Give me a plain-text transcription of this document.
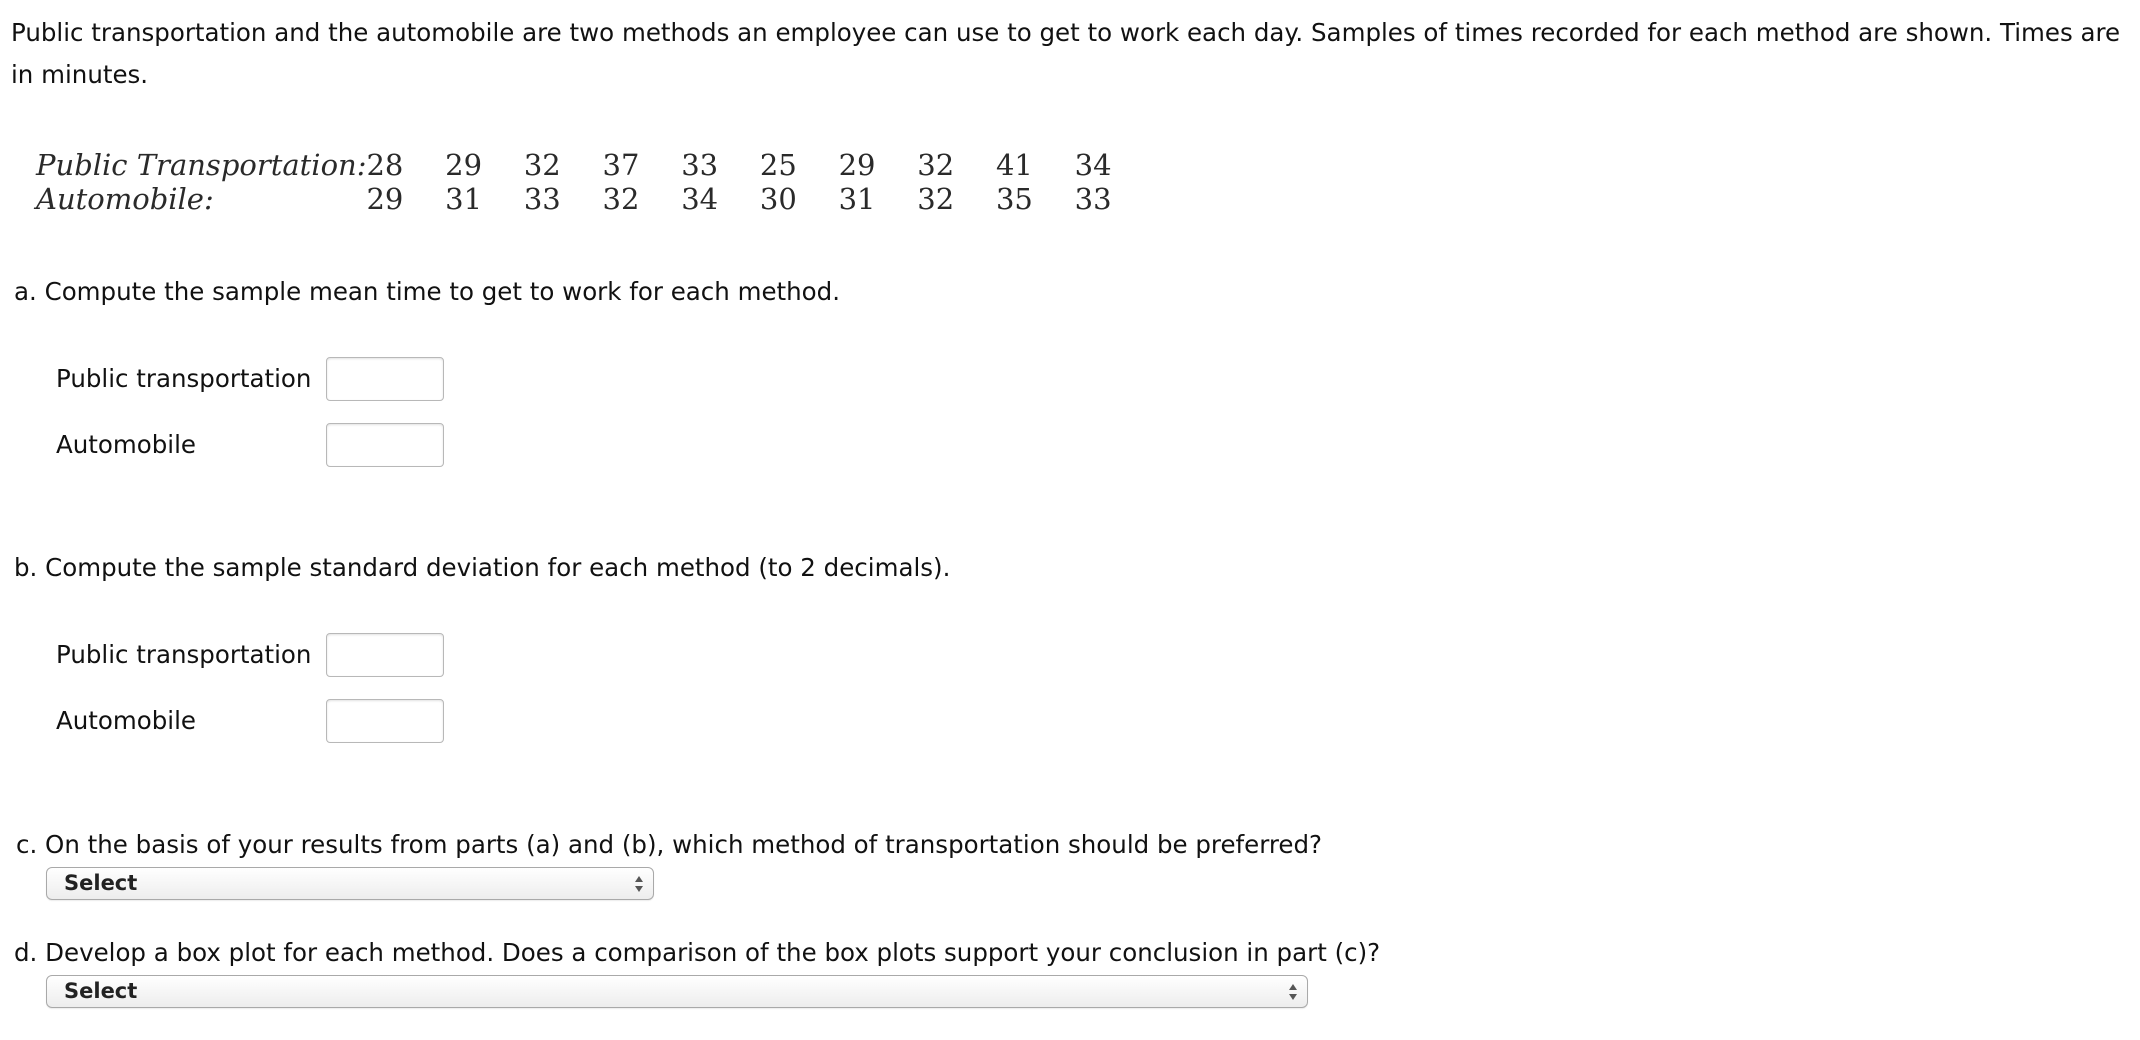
Public transportation and the automobile are two methods an employee can use to get to work each day. Samples of times recorded for each method are shown. Times are in minutes.

Public Transportation:	28	29	32	37	33	25	29	32	41	34
Automobile:	29	31	33	32	34	30	31	32	35	33

a. Compute the sample mean time to get to work for each method.

Public transportation
Automobile

b. Compute the sample standard deviation for each method (to 2 decimals).

Public transportation
Automobile

c. On the basis of your results from parts (a) and (b), which method of transportation should be preferred?

Select

d. Develop a box plot for each method. Does a comparison of the box plots support your conclusion in part (c)?

Select
